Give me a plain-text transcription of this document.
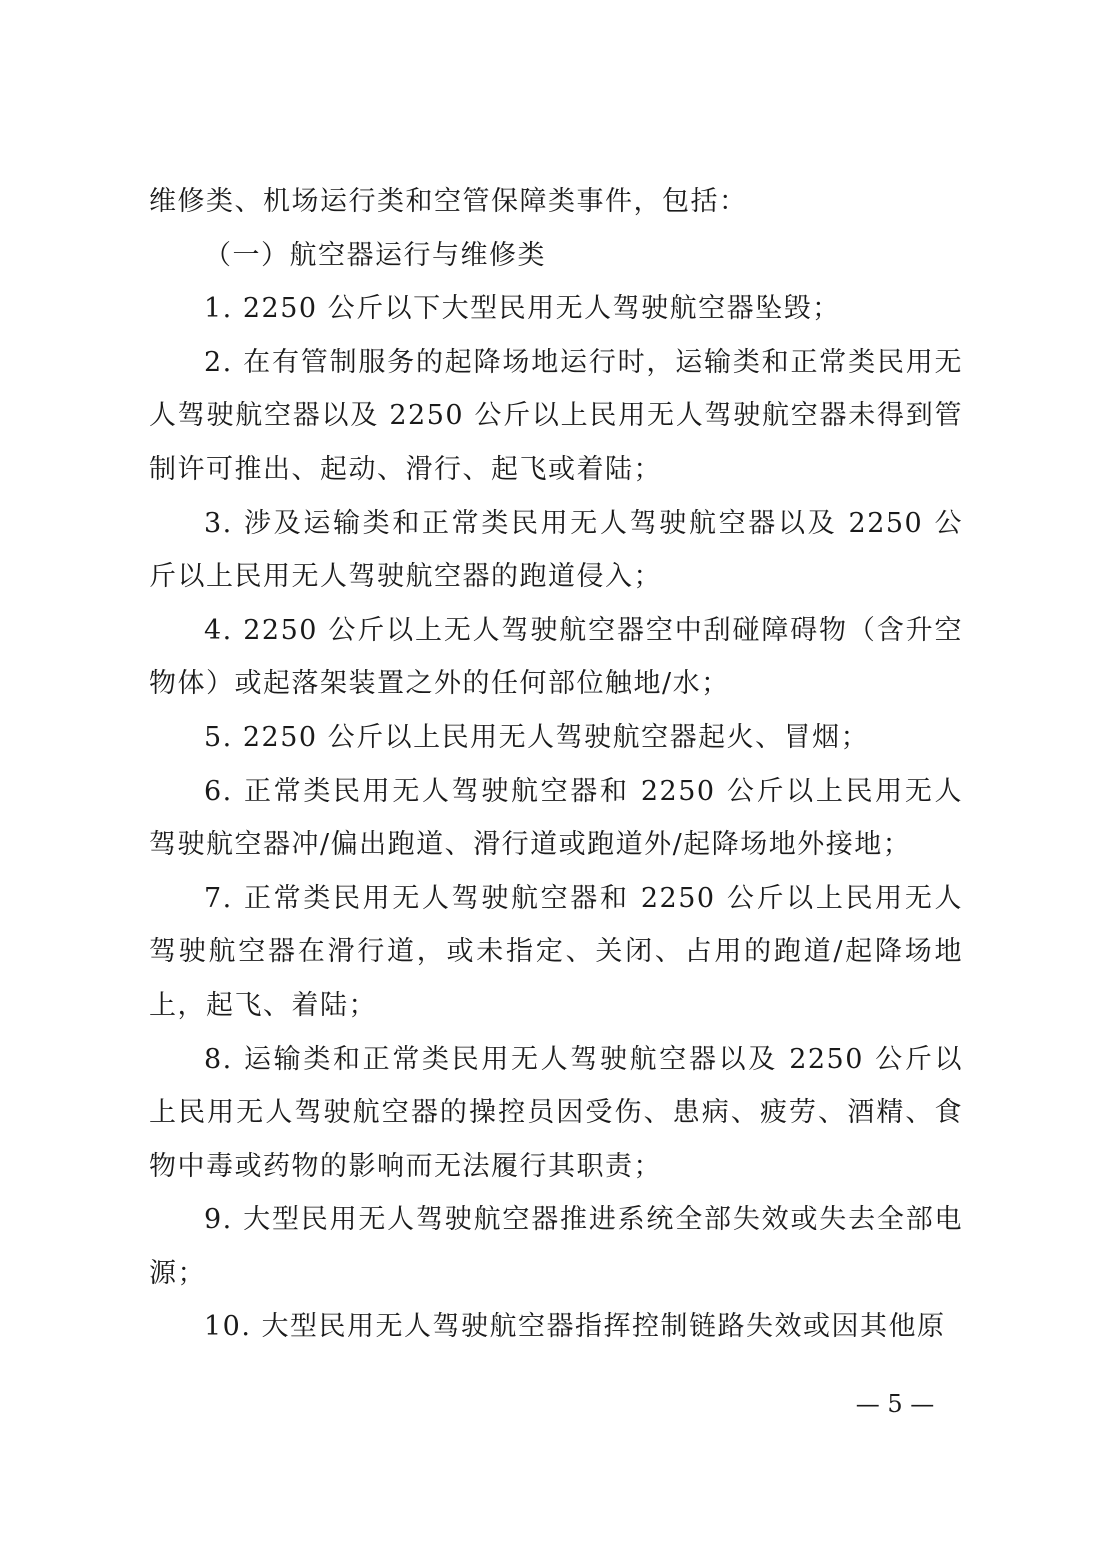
维修类、机场运行类和空管保障类事件，包括：

（一）航空器运行与维修类

1. 2250 公斤以下大型民用无人驾驶航空器坠毁；

2. 在有管制服务的起降场地运行时，运输类和正常类民用无人驾驶航空器以及 2250 公斤以上民用无人驾驶航空器未得到管制许可推出、起动、滑行、起飞或着陆；

3. 涉及运输类和正常类民用无人驾驶航空器以及 2250 公斤以上民用无人驾驶航空器的跑道侵入；

4. 2250 公斤以上无人驾驶航空器空中刮碰障碍物（含升空物体）或起落架装置之外的任何部位触地/水；

5. 2250 公斤以上民用无人驾驶航空器起火、冒烟；

6. 正常类民用无人驾驶航空器和 2250 公斤以上民用无人驾驶航空器冲/偏出跑道、滑行道或跑道外/起降场地外接地；

7. 正常类民用无人驾驶航空器和 2250 公斤以上民用无人驾驶航空器在滑行道，或未指定、关闭、占用的跑道/起降场地上，起飞、着陆；

8. 运输类和正常类民用无人驾驶航空器以及 2250 公斤以上民用无人驾驶航空器的操控员因受伤、患病、疲劳、酒精、食物中毒或药物的影响而无法履行其职责；

9. 大型民用无人驾驶航空器推进系统全部失效或失去全部电源；

10. 大型民用无人驾驶航空器指挥控制链路失效或因其他原

— 5 —
